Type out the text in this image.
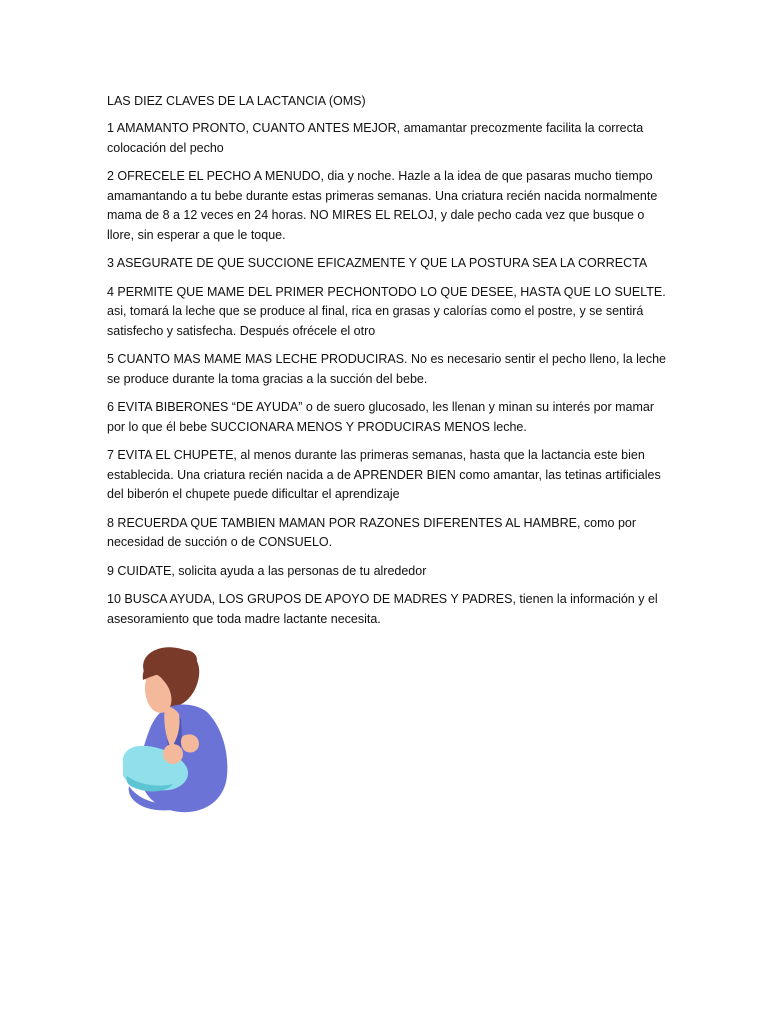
LAS DIEZ CLAVES DE LA LACTANCIA (OMS)

1 AMAMANTO PRONTO, CUANTO ANTES MEJOR, amamantar precozmente facilita la correcta colocación del pecho

2 OFRECELE EL PECHO A MENUDO, dia y noche. Hazle a la idea de que pasaras mucho tiempo amamantando a tu bebe durante estas primeras semanas. Una criatura recién nacida normalmente mama de 8 a 12 veces en 24 horas. NO MIRES EL RELOJ, y dale pecho cada vez que busque o llore, sin esperar a que le toque.

3 ASEGURATE DE QUE SUCCIONE EFICAZMENTE Y QUE LA POSTURA SEA LA CORRECTA

4 PERMITE QUE MAME DEL PRIMER PECHONTODO LO QUE DESEE, HASTA QUE LO SUELTE. asi, tomará la leche que se produce al final, rica en grasas y calorías como el postre, y se sentirá satisfecho y satisfecha. Después ofrécele el otro

5 CUANTO MAS MAME MAS LECHE PRODUCIRAS. No es necesario sentir el pecho lleno, la leche se produce durante la toma gracias a la succión del bebe.

6 EVITA BIBERONES “DE AYUDA” o de suero glucosado, les llenan y minan su interés por mamar por lo que él bebe SUCCIONARA MENOS Y PRODUCIRAS MENOS leche.

7 EVITA EL CHUPETE, al menos durante las primeras semanas, hasta que la lactancia este bien establecida. Una criatura recién nacida a de APRENDER BIEN como amantar, las tetinas artificiales del biberón el chupete puede dificultar el aprendizaje

8 RECUERDA QUE TAMBIEN MAMAN POR RAZONES DIFERENTES AL HAMBRE, como por necesidad de succión o de CONSUELO.

9 CUIDATE, solicita ayuda a las personas de tu alrededor

10 BUSCA AYUDA, LOS GRUPOS DE APOYO DE MADRES Y PADRES, tienen la información y el asesoramiento que toda madre lactante necesita.
